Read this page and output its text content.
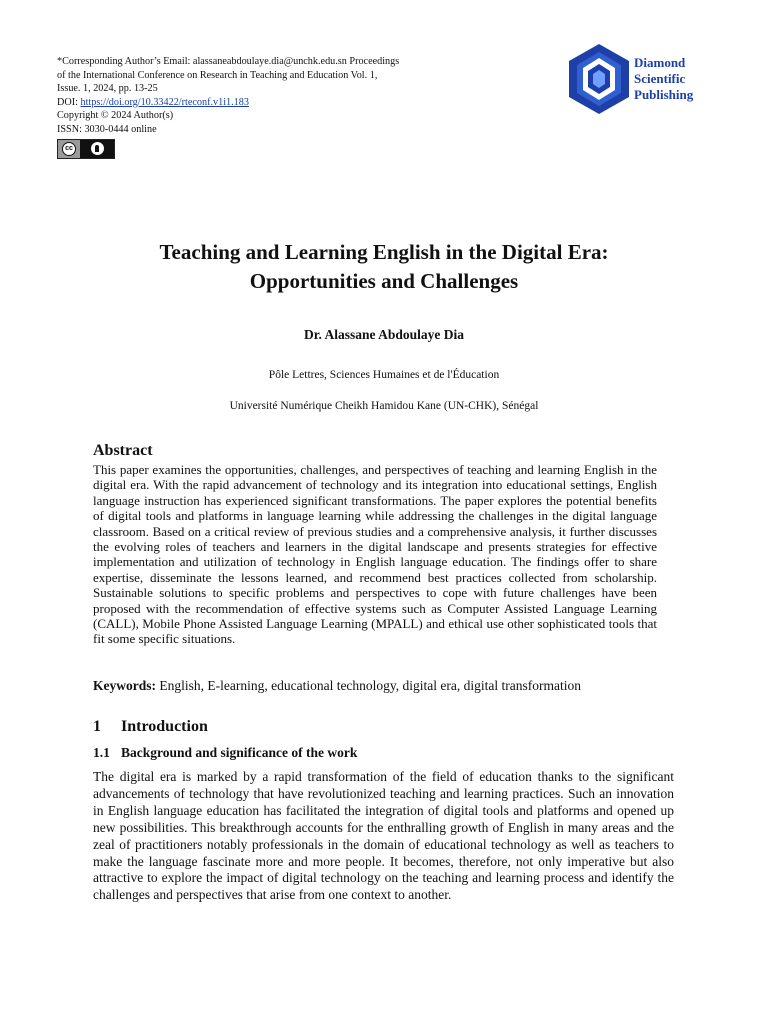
*Corresponding Author’s Email: alassaneabdoulaye.dia@unchk.edu.sn Proceedings
of the International Conference on Research in Teaching and Education Vol. 1,
Issue. 1, 2024, pp. 13-25
DOI: https://doi.org/10.33422/rteconf.v1i1.183
Copyright © 2024 Author(s)
ISSN: 3030-0444 online
cc
Diamond
Scientific
Publishing
Teaching and Learning English in the Digital Era:
Opportunities and Challenges

Dr. Alassane Abdoulaye Dia

Pôle Lettres, Sciences Humaines et de l'Éducation

Université Numérique Cheikh Hamidou Kane (UN-CHK), Sénégal

Abstract

This paper examines the opportunities, challenges, and perspectives of teaching and learning English in the digital era. With the rapid advancement of technology and its integration into educational settings, English language instruction has experienced significant transformations. The paper explores the potential benefits of digital tools and platforms in language learning while addressing the challenges in the digital language classroom. Based on a critical review of previous studies and a comprehensive analysis, it further discusses the evolving roles of teachers and learners in the digital landscape and presents strategies for effective implementation and utilization of technology in English language education. The findings offer to share expertise, disseminate the lessons learned, and recommend best practices collected from scholarship. Sustainable solutions to specific problems and perspectives to cope with future challenges have been proposed with the recommendation of effective systems such as Computer Assisted Language Learning (CALL), Mobile Phone Assisted Language Learning (MPALL) and ethical use other sophisticated tools that fit some specific situations.

Keywords: English, E-learning, educational technology, digital era, digital transformation

1 Introduction
1.1 Background and significance of the work

The digital era is marked by a rapid transformation of the field of education thanks to the significant advancements of technology that have revolutionized teaching and learning practices. Such an innovation in English language education has facilitated the integration of digital tools and platforms and opened up new possibilities. This breakthrough accounts for the enthralling growth of English in many areas and the zeal of practitioners notably professionals in the domain of educational technology as well as teachers to make the language fascinate more and more people. It becomes, therefore, not only imperative but also attractive to explore the impact of digital technology on the teaching and learning process and identify the challenges and perspectives that arise from one context to another.
